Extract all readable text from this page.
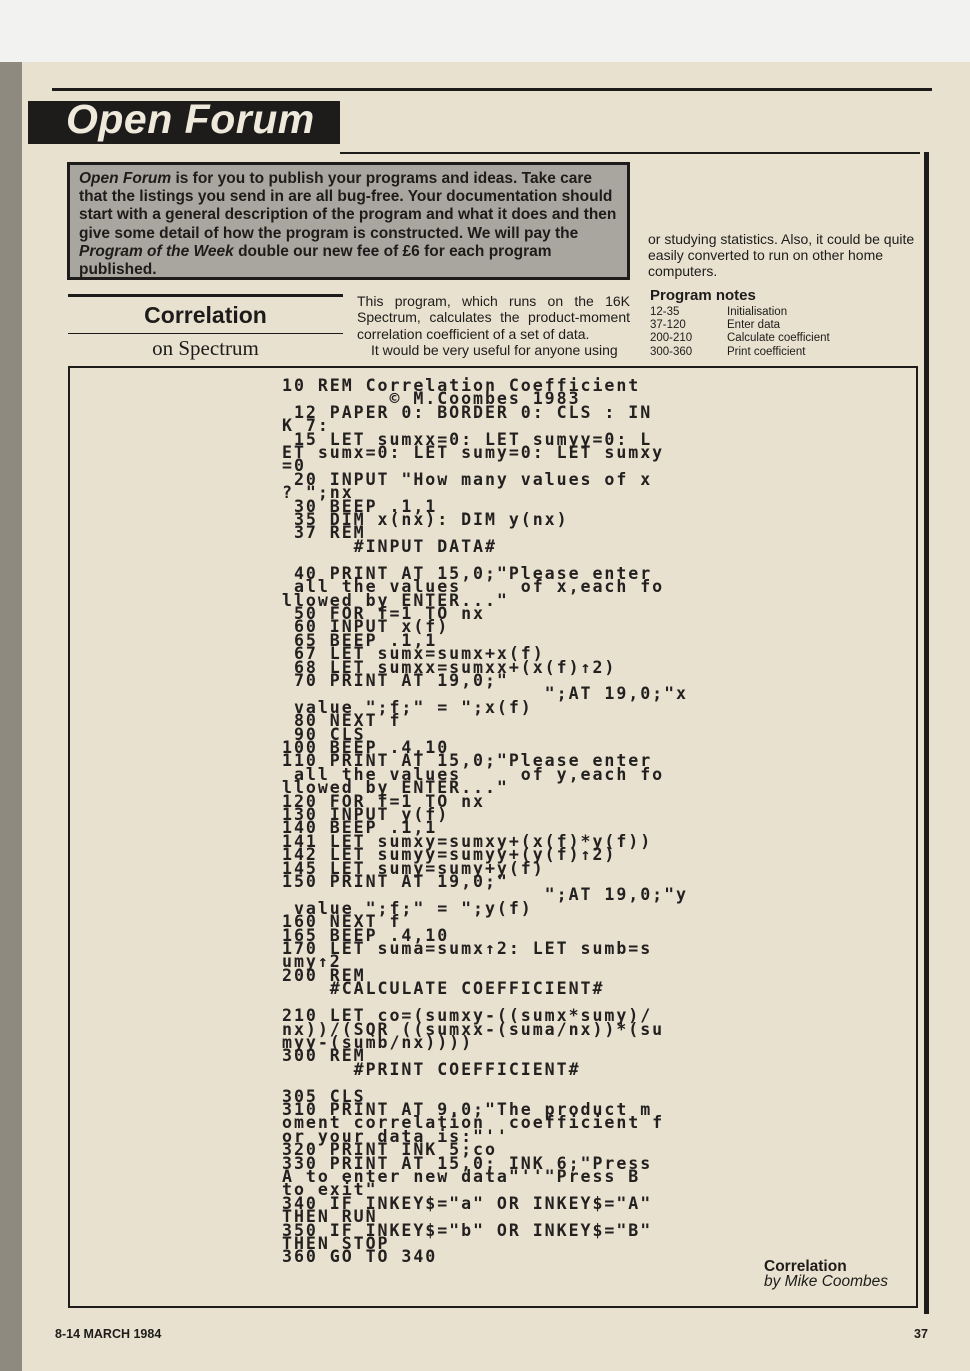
Open Forum
Open Forum is for you to publish your programs and ideas. Take care that the listings you send in are all bug-free. Your documentation should start with a general description of the program and what it does and then give some detail of how the program is constructed. We will pay the Program of the Week double our new fee of £6 for each program published.
or studying statistics. Also, it could be quite easily converted to run on other home computers.
Correlation
on Spectrum

This program, which runs on the 16K Spectrum, calculates the product-moment correlation coefficient of a set of data.

It would be very useful for anyone using

Program notes
12-35	Initialisation
37-120	Enter data
200-210	Calculate coefficient
300-360	Print coefficient
10 REM Correlation Coefficient
© M.Coombes 1983
12 PAPER 0: BORDER 0: CLS : IN
K 7:
15 LET sumxx=0: LET sumyy=0: L
ET sumx=0: LET sumy=0: LET sumxy
=0
20 INPUT "How many values of x
? ";nx
30 BEEP .1,1
35 DIM x(nx): DIM y(nx)
37 REM
#INPUT DATA#

40 PRINT AT 15,0;"Please enter
all the values     of x,each fo
llowed by ENTER..."
50 FOR f=1 TO nx
60 INPUT x(f)
65 BEEP .1,1
67 LET sumx=sumx+x(f)
68 LET sumxx=sumxx+(x(f)↑2)
70 PRINT AT 19,0;"
";AT 19,0;"x
value ";f;" = ";x(f)
80 NEXT f
90 CLS
100 BEEP .4,10
110 PRINT AT 15,0;"Please enter
all the values     of y,each fo
llowed by ENTER..."
120 FOR f=1 TO nx
130 INPUT y(f)
140 BEEP .1,1
141 LET sumxy=sumxy+(x(f)*y(f))
142 LET sumyy=sumyy+(y(f)↑2)
145 LET sumy=sumy+y(f)
150 PRINT AT 19,0;"
";AT 19,0;"y
value ";f;" = ";y(f)
160 NEXT f
165 BEEP .4,10
170 LET suma=sumx↑2: LET sumb=s
umy↑2
200 REM
#CALCULATE COEFFICIENT#

210 LET co=(sumxy-((sumx*sumy)/
nx))/(SQR ((sumxx-(suma/nx))*(su
myy-(sumb/nx))))
300 REM
#PRINT COEFFICIENT#

305 CLS
310 PRINT AT 9,0;"The product m
oment correlation  coefficient f
or your data is:"''
320 PRINT INK 5;co
330 PRINT AT 15,0; INK 6;"Press
A to enter new data"''"Press B
to exit"
340 IF INKEY$="a" OR INKEY$="A"
THEN RUN
350 IF INKEY$="b" OR INKEY$="B"
THEN STOP
360 GO TO 340
Correlation
by Mike Coombes
8-14 MARCH 1984	37
